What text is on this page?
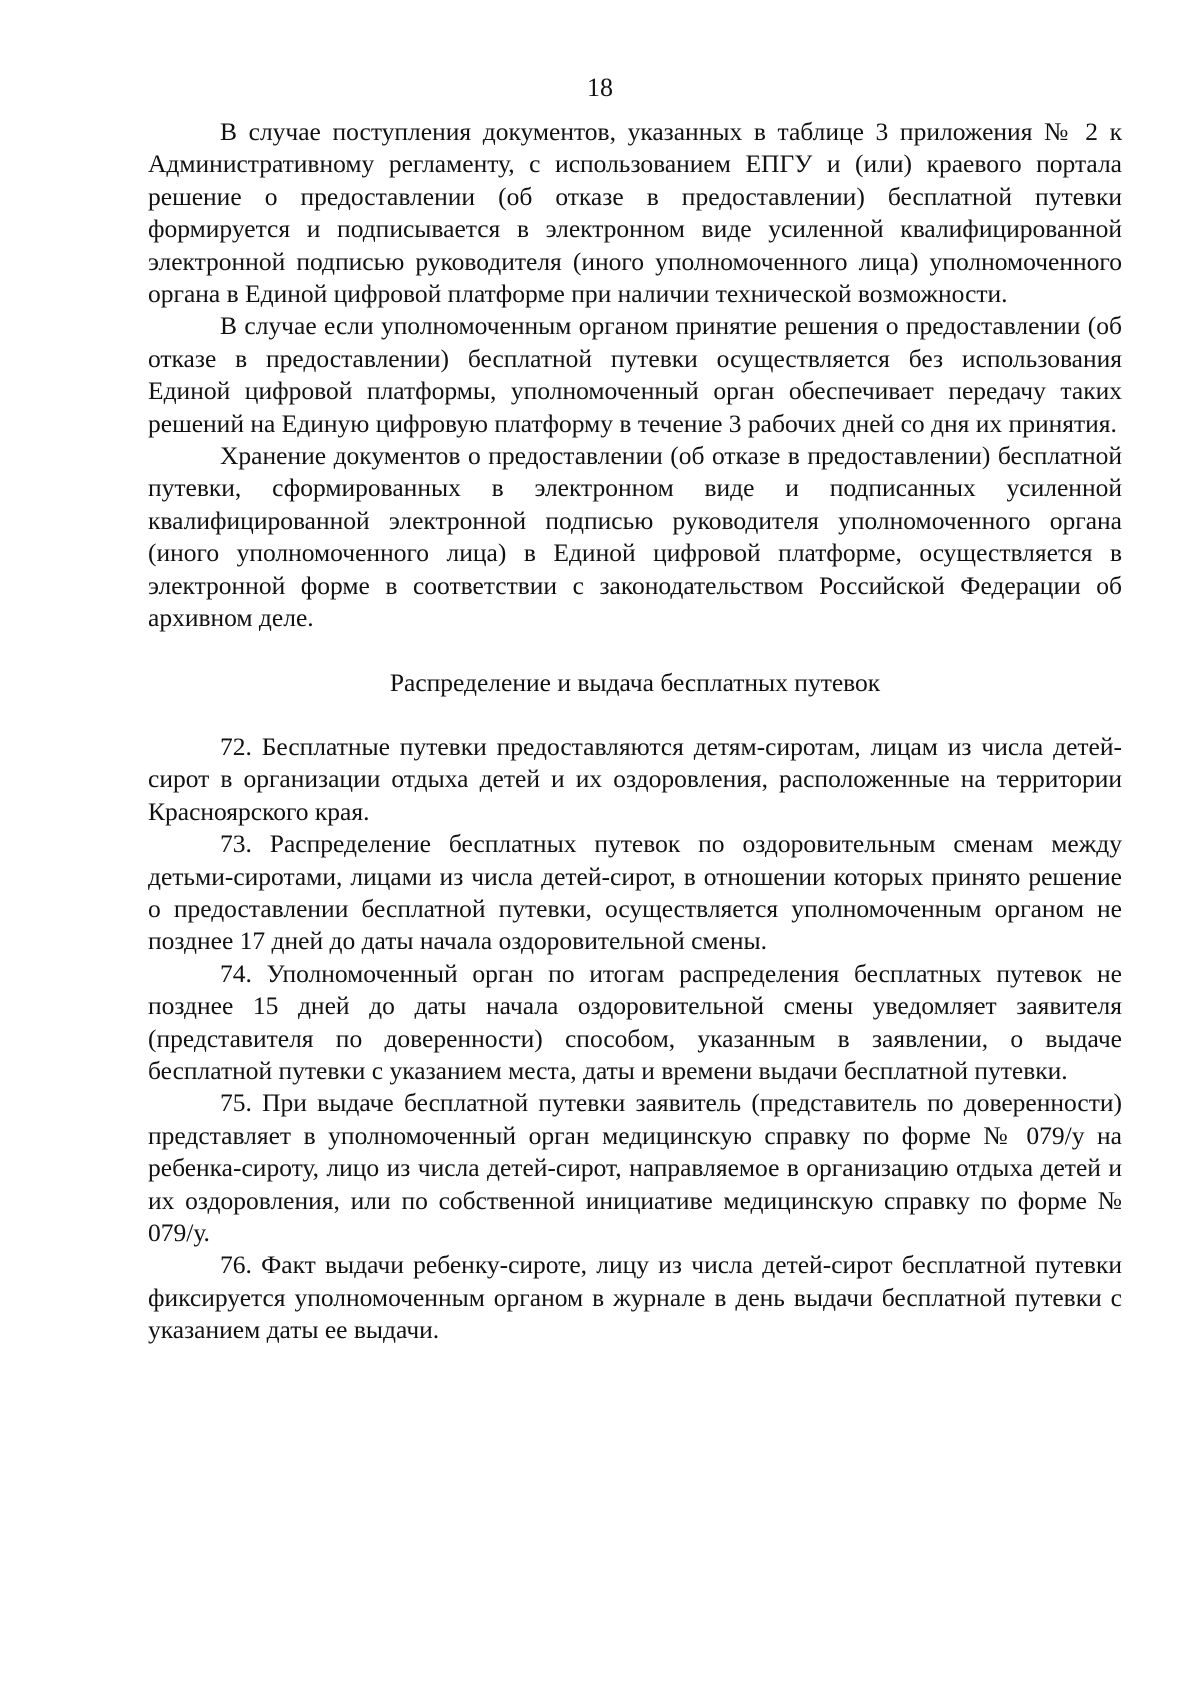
18

В случае поступления документов, указанных в таблице 3 приложения № 2 к Административному регламенту, с использованием ЕПГУ и (или) краевого портала решение о предоставлении (об отказе в предоставлении) бесплатной путевки формируется и подписывается в электронном виде усиленной квалифицированной электронной подписью руководителя (иного уполномоченного лица) уполномоченного органа в Единой цифровой платформе при наличии технической возможности.

В случае если уполномоченным органом принятие решения о предоставлении (об отказе в предоставлении) бесплатной путевки осуществляется без использования Единой цифровой платформы, уполномоченный орган обеспечивает передачу таких решений на Единую цифровую платформу в течение 3 рабочих дней со дня их принятия.

Хранение документов о предоставлении (об отказе в предоставлении) бесплатной путевки, сформированных в электронном виде и подписанных усиленной квалифицированной электронной подписью руководителя уполномоченного органа (иного уполномоченного лица) в Единой цифровой платформе, осуществляется в электронной форме в соответствии с законодательством Российской Федерации об архивном деле.

Распределение и выдача бесплатных путевок

72. Бесплатные путевки предоставляются детям-сиротам, лицам из числа детей-сирот в организации отдыха детей и их оздоровления, расположенные на территории Красноярского края.

73. Распределение бесплатных путевок по оздоровительным сменам между детьми-сиротами, лицами из числа детей-сирот, в отношении которых принято решение о предоставлении бесплатной путевки, осуществляется уполномоченным органом не позднее 17 дней до даты начала оздоровительной смены.

74. Уполномоченный орган по итогам распределения бесплатных путевок не позднее 15 дней до даты начала оздоровительной смены уведомляет заявителя (представителя по доверенности) способом, указанным в заявлении, о выдаче бесплатной путевки с указанием места, даты и времени выдачи бесплатной путевки.

75. При выдаче бесплатной путевки заявитель (представитель по доверенности) представляет в уполномоченный орган медицинскую справку по форме № 079/у на ребенка-сироту, лицо из числа детей-сирот, направляемое в организацию отдыха детей и их оздоровления, или по собственной инициативе медицинскую справку по форме № 079/у.

76. Факт выдачи ребенку-сироте, лицу из числа детей-сирот бесплатной путевки фиксируется уполномоченным органом в журнале в день выдачи бесплатной путевки с указанием даты ее выдачи.
